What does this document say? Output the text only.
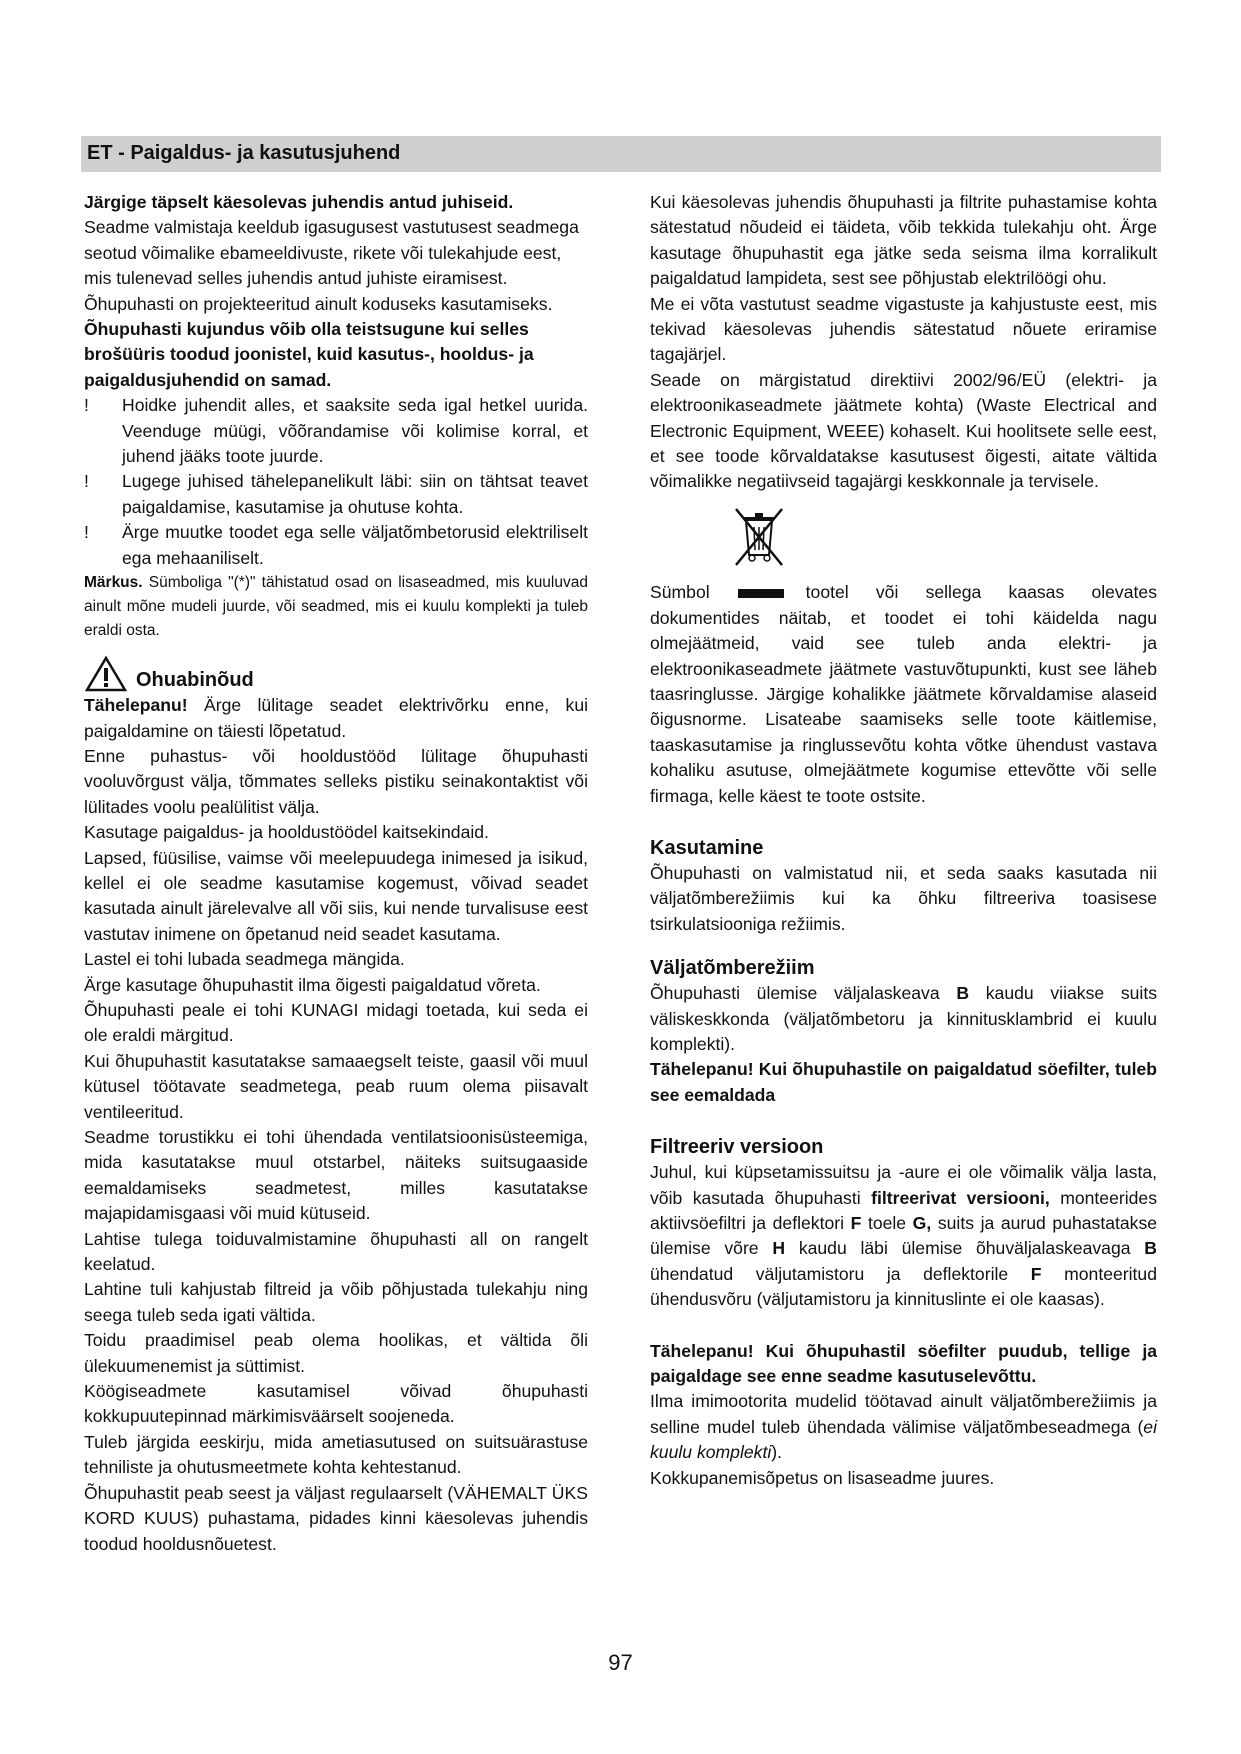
ET - Paigaldus- ja kasutusjuhend

Järgige täpselt käesolevas juhendis antud juhiseid.

Seadme valmistaja keeldub igasugusest vastutusest seadmega seotud võimalike ebameeldivuste, rikete või tulekahjude eest, mis tulenevad selles juhendis antud juhiste eiramisest. Õhupuhasti on projekteeritud ainult koduseks kasutamiseks.

Õhupuhasti kujundus võib olla teistsugune kui selles brošüüris toodud joonistel, kuid kasutus-, hooldus- ja paigaldusjuhendid on samad.

! Hoidke juhendit alles, et saaksite seda igal hetkel uurida. Veenduge müügi, võõrandamise või kolimise korral, et juhend jääks toote juurde.

! Lugege juhised tähelepanelikult läbi: siin on tähtsat teavet paigaldamise, kasutamise ja ohutuse kohta.

! Ärge muutke toodet ega selle väljatõmbetorusid elektriliselt ega mehaaniliselt.

Märkus. Sümboliga "(*)" tähistatud osad on lisaseadmed, mis kuuluvad ainult mõne mudeli juurde, või seadmed, mis ei kuulu komplekti ja tuleb eraldi osta.

Ohuabinõud

Tähelepanu! Ärge lülitage seadet elektrivõrku enne, kui paigaldamine on täiesti lõpetatud.

Enne puhastus- või hooldustööd lülitage õhupuhasti vooluvõrgust välja, tõmmates selleks pistiku seinakontaktist või lülitades voolu pealülitist välja.

Kasutage paigaldus- ja hooldustöödel kaitsekindaid.

Lapsed, füüsilise, vaimse või meelepuudega inimesed ja isikud, kellel ei ole seadme kasutamise kogemust, võivad seadet kasutada ainult järelevalve all või siis, kui nende turvalisuse eest vastutav inimene on õpetanud neid seadet kasutama.

Lastel ei tohi lubada seadmega mängida.

Ärge kasutage õhupuhastit ilma õigesti paigaldatud võreta.

Õhupuhasti peale ei tohi KUNAGI midagi toetada, kui seda ei ole eraldi märgitud.

Kui õhupuhastit kasutatakse samaaegselt teiste, gaasil või muul kütusel töötavate seadmetega, peab ruum olema piisavalt ventileeritud.

Seadme torustikku ei tohi ühendada ventilatsioonisüsteemiga, mida kasutatakse muul otstarbel, näiteks suitsugaaside eemaldamiseks seadmetest, milles kasutatakse majapidamisgaasi või muid kütuseid.

Lahtise tulega toiduvalmistamine õhupuhasti all on rangelt keelatud.

Lahtine tuli kahjustab filtreid ja võib põhjustada tulekahju ning seega tuleb seda igati vältida.

Toidu praadimisel peab olema hoolikas, et vältida õli ülekuumenemist ja süttimist.

Köögiseadmete kasutamisel võivad õhupuhasti kokkupuutepinnad märkimisväärselt soojeneda.

Tuleb järgida eeskirju, mida ametiasutused on suitsuärastuse tehniliste ja ohutusmeetmete kohta kehtestanud.

Õhupuhastit peab seest ja väljast regulaarselt (VÄHEMALT ÜKS KORD KUUS) puhastama, pidades kinni käesolevas juhendis toodud hooldusnõuetest.

Kui käesolevas juhendis õhupuhasti ja filtrite puhastamise kohta sätestatud nõudeid ei täideta, võib tekkida tulekahju oht. Ärge kasutage õhupuhastit ega jätke seda seisma ilma korralikult paigaldatud lampideta, sest see põhjustab elektrilöögi ohu.

Me ei võta vastutust seadme vigastuste ja kahjustuste eest, mis tekivad käesolevas juhendis sätestatud nõuete eriramise tagajärjel.

Seade on märgistatud direktiivi 2002/96/EÜ (elektri- ja elektroonikaseadmete jäätmete kohta) (Waste Electrical and Electronic Equipment, WEEE) kohaselt. Kui hoolitsete selle eest, et see toode kõrvaldatakse kasutusest õigesti, aitate vältida võimalikke negatiivseid tagajärgi keskkonnale ja tervisele.

Sümbol	tootel või sellega kaasas olevates dokumentides näitab, et toodet ei tohi käidelda nagu olmejäätmeid, vaid see tuleb anda elektri- ja elektroonikaseadmete jäätmete vastuvõtupunkti, kust see läheb taasringlusse. Järgige kohalikke jäätmete kõrvaldamise alaseid õigusnorme. Lisateabe saamiseks selle toote käitlemise, taaskasutamise ja ringlussevõtu kohta võtke ühendust vastava kohaliku asutuse, olmejäätmete kogumise ettevõtte või selle firmaga, kelle käest te toote ostsite.

Kasutamine

Õhupuhasti on valmistatud nii, et seda saaks kasutada nii väljatõmberežiimis kui ka õhku filtreeriva toasisese tsirkulatsiooniga režiimis.

Väljatõmberežiim

Õhupuhasti ülemise väljalaskeava B kaudu viiakse suits väliskeskkonda (väljatõmbetoru ja kinnitusklambrid ei kuulu komplekti).

Tähelepanu! Kui õhupuhastile on paigaldatud söefilter, tuleb see eemaldada

Filtreeriv versioon

Juhul, kui küpsetamissuitsu ja -aure ei ole võimalik välja lasta, võib kasutada õhupuhasti filtreerivat versiooni, monteerides aktiivsöefiltri ja deflektori F toele G, suits ja aurud puhastatakse ülemise võre H kaudu läbi ülemise õhuväljalaskeavaga B ühendatud väljutamistoru ja deflektorile F monteeritud ühendusvõru (väljutamistoru ja kinnituslinte ei ole kaasas).

Tähelepanu! Kui õhupuhastil söefilter puudub, tellige ja paigaldage see enne seadme kasutuselevõttu.

Ilma imimootorita mudelid töötavad ainult väljatõmberežiimis ja selline mudel tuleb ühendada välimise väljatõmbeseadmega (ei kuulu komplekti).

Kokkupanemisõpetus on lisaseadme juures.

97
